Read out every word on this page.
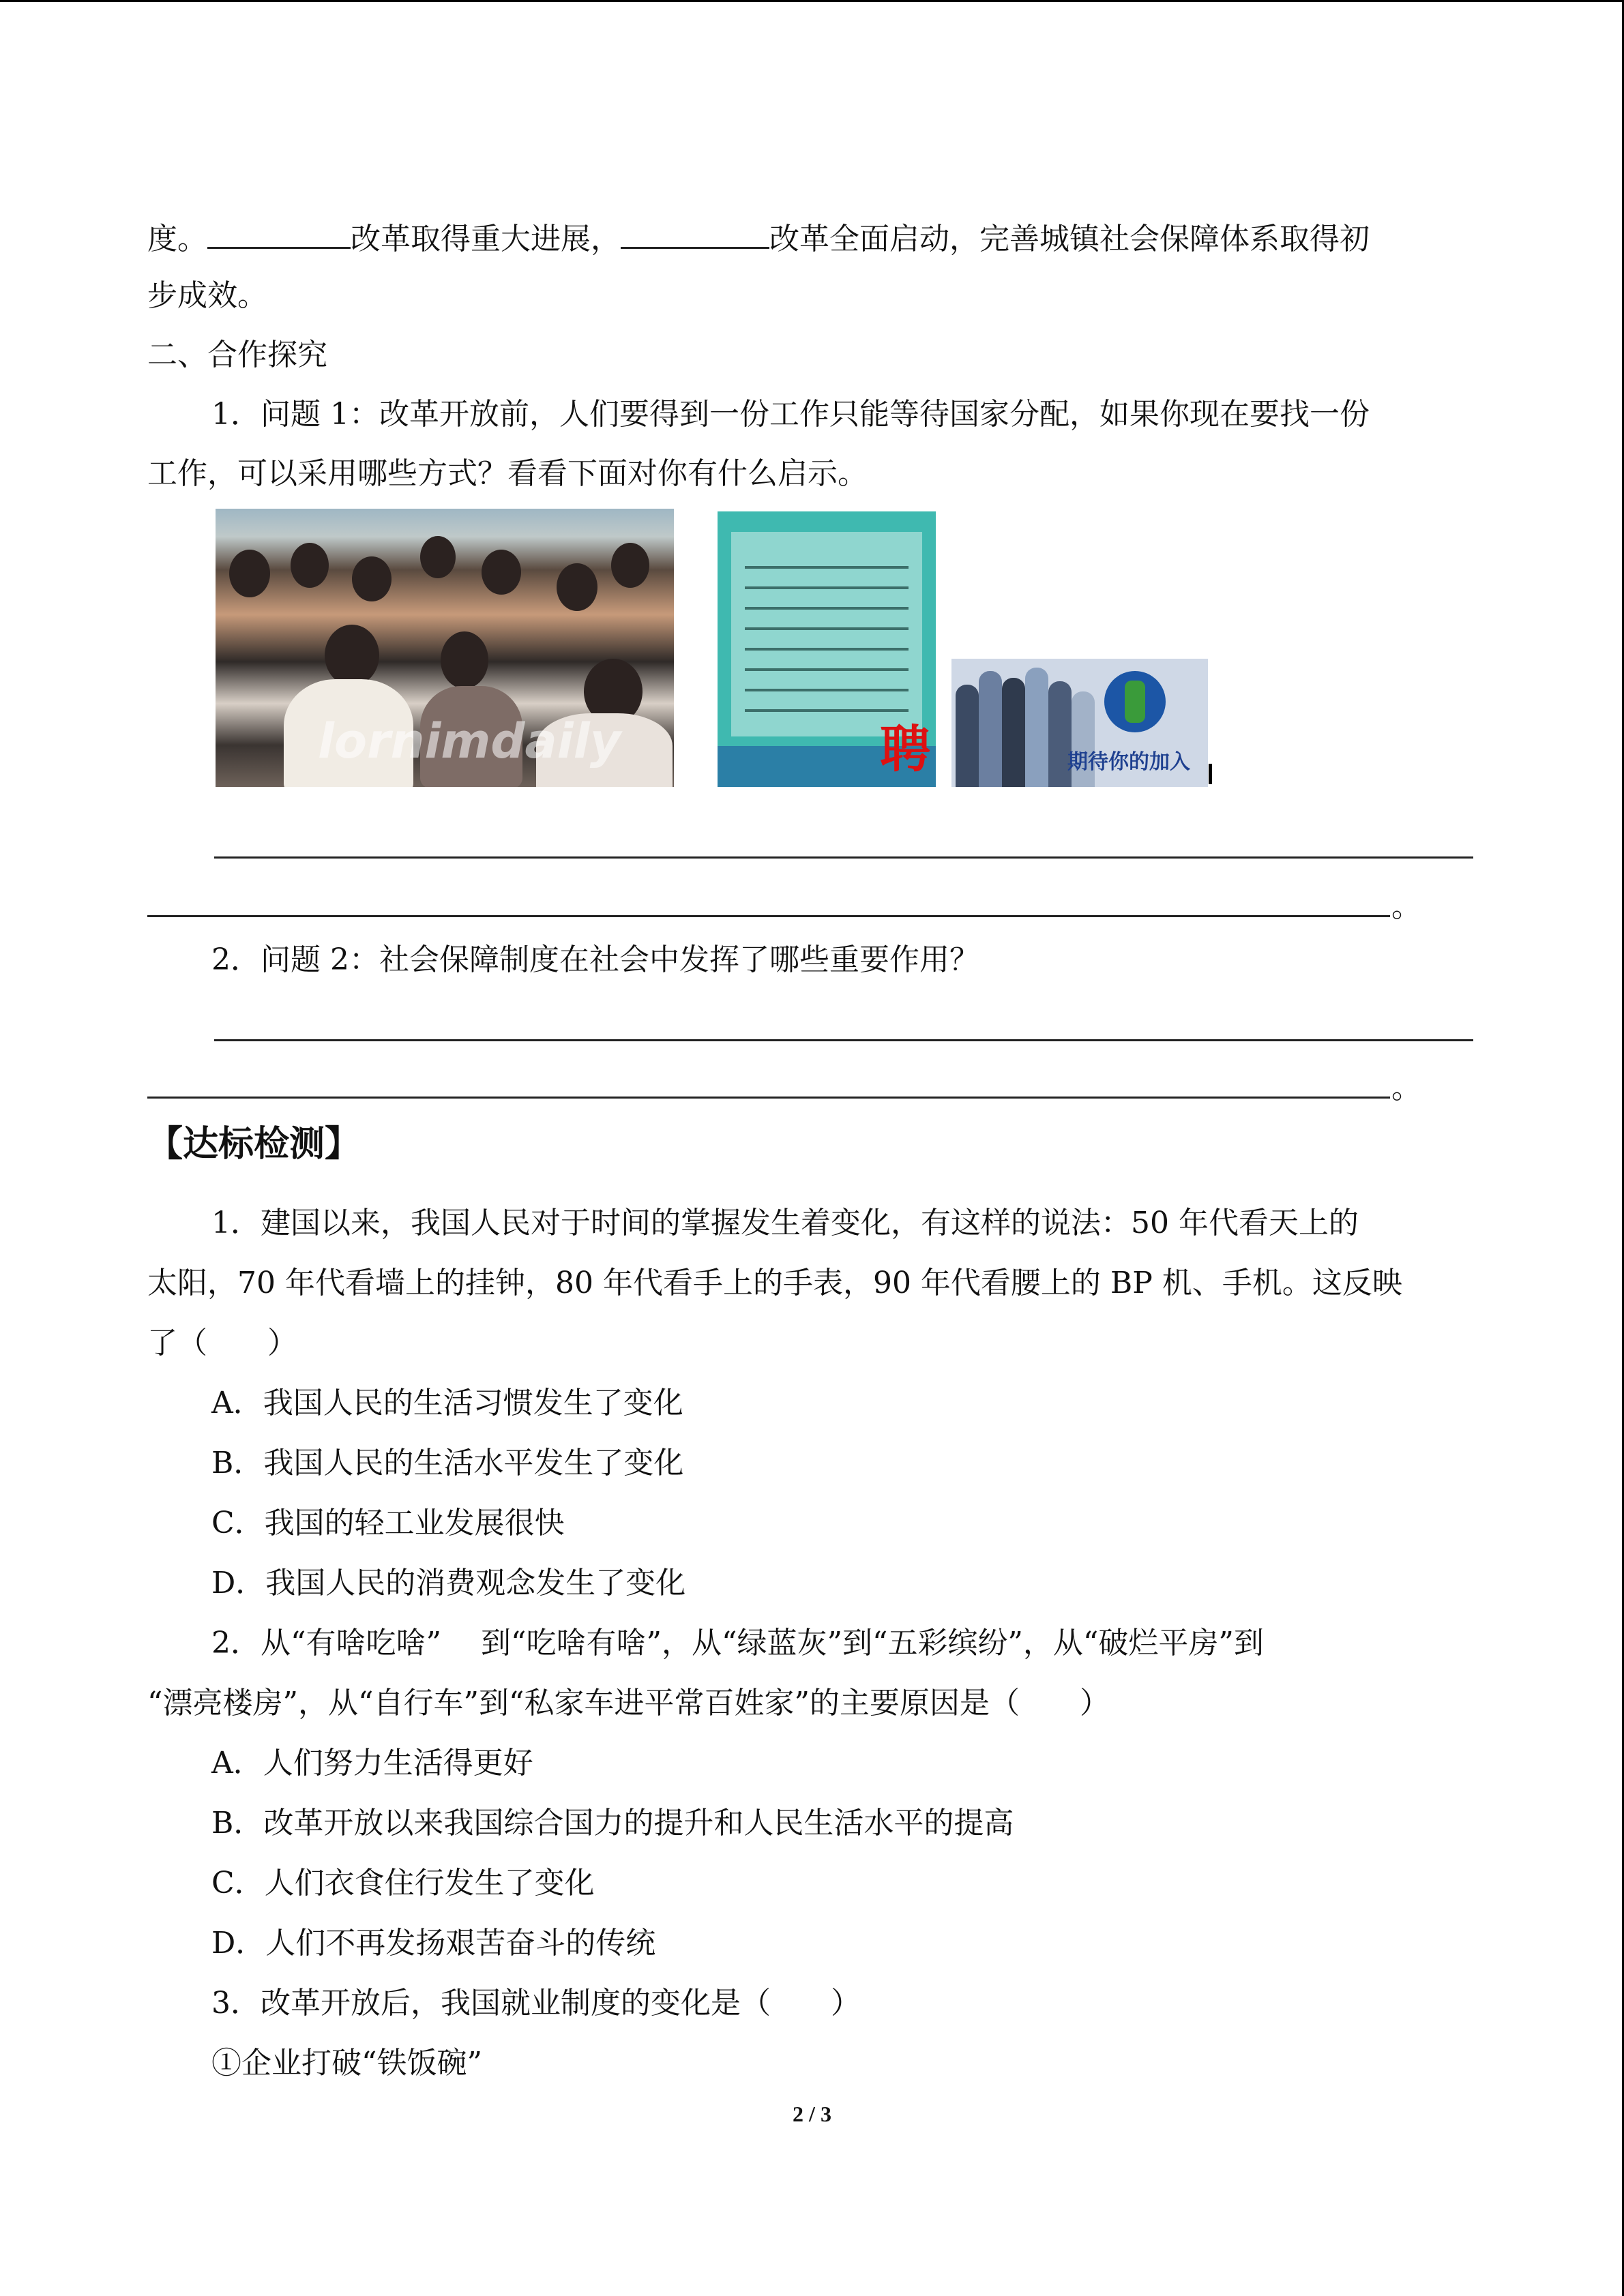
度。	改革取得重大进展，	改革全面启动，完善城镇社会保障体系取得初
步成效。
二、合作探究
1．问题 1：改革开放前，人们要得到一份工作只能等待国家分配，如果你现在要找一份
工作，可以采用哪些方式？看看下面对你有什么启示。
lornimdaily	聘	期待你的加入
。
2．问题 2：社会保障制度在社会中发挥了哪些重要作用？
。
【达标检测】
1．建国以来，我国人民对于时间的掌握发生着变化，有这样的说法：50 年代看天上的
太阳，70 年代看墙上的挂钟，80 年代看手上的手表，90 年代看腰上的 BP 机、手机。这反映
了（　　）
A．我国人民的生活习惯发生了变化
B．我国人民的生活水平发生了变化
C．我国的轻工业发展很快
D．我国人民的消费观念发生了变化
2．从“有啥吃啥”　 到“吃啥有啥”，从“绿蓝灰”到“五彩缤纷”，从“破烂平房”到
“漂亮楼房”，从“自行车”到“私家车进平常百姓家”的主要原因是（　　）
A．人们努力生活得更好
B．改革开放以来我国综合国力的提升和人民生活水平的提高
C．人们衣食住行发生了变化
D．人们不再发扬艰苦奋斗的传统
3．改革开放后，我国就业制度的变化是（　　）
①企业打破“铁饭碗”
2 / 3
